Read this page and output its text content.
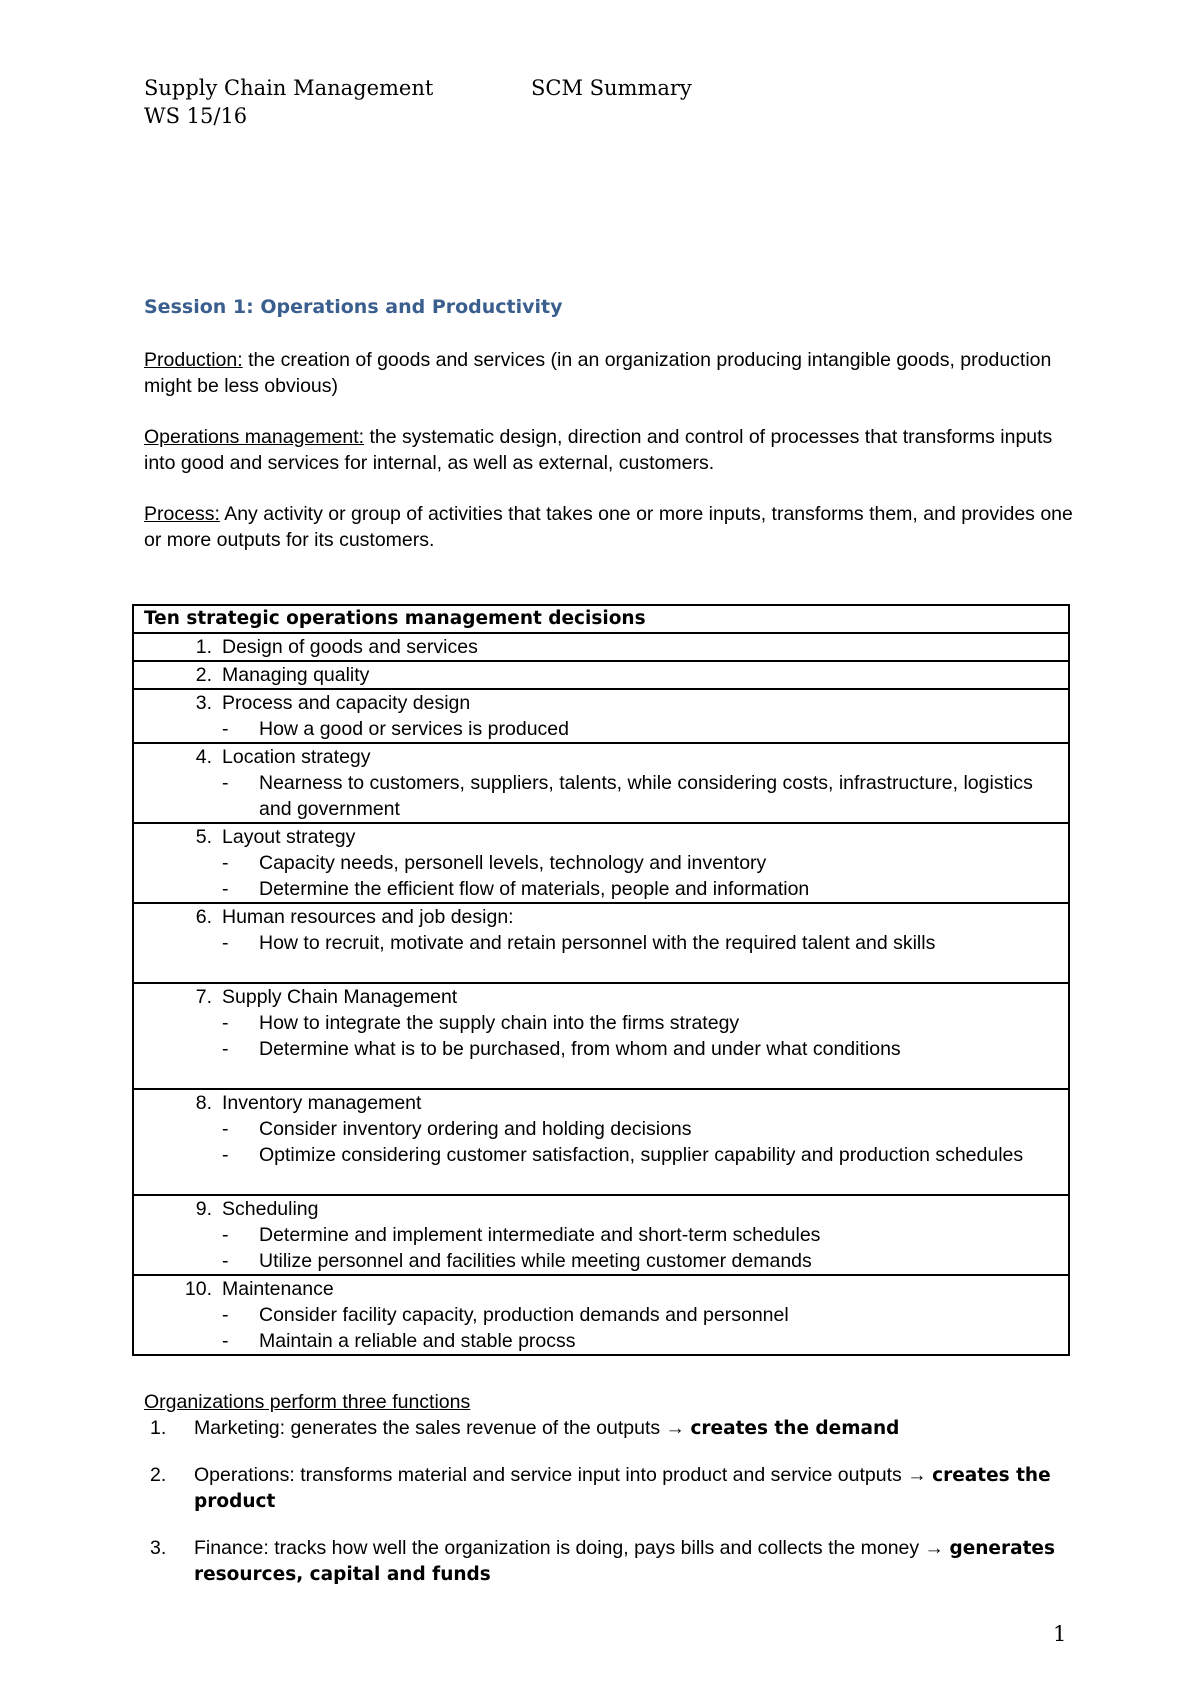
Supply Chain Management	SCM Summary
WS 15/16
Session 1: Operations and Productivity
Production: the creation of goods and services (in an organization producing intangible goods, production might be less obvious)
Operations management: the systematic design, direction and control of processes that transforms inputs into good and services for internal, as well as external, customers.
Process: Any activity or group of activities that takes one or more inputs, transforms them, and provides one or more outputs for its customers.
Ten strategic operations management decisions

1. Design of goods and services

2. Managing quality

3. Process and capacity design
-	How a good or services is produced

4. Location strategy
-	Nearness to customers, suppliers, talents, while considering costs, infrastructure, logistics and government

5. Layout strategy
-	Capacity needs, personell levels, technology and inventory
-	Determine the efficient flow of materials, people and information

6. Human resources and job design:
-	How to recruit, motivate and retain personnel with the required talent and skills

7. Supply Chain Management
-	How to integrate the supply chain into the firms strategy
-	Determine what is to be purchased, from whom and under what conditions

8. Inventory management
-	Consider inventory ordering and holding decisions
-	Optimize considering customer satisfaction, supplier capability and production schedules

9. Scheduling
-	Determine and implement intermediate and short-term schedules
-	Utilize personnel and facilities while meeting customer demands

10. Maintenance
-	Consider facility capacity, production demands and personnel
-	Maintain a reliable and stable procss
Organizations perform three functions
1.	Marketing: generates the sales revenue of the outputs → creates the demand
2.	Operations: transforms material and service input into product and service outputs → creates the product
3.	Finance: tracks how well the organization is doing, pays bills and collects the money → generates resources, capital and funds
1
